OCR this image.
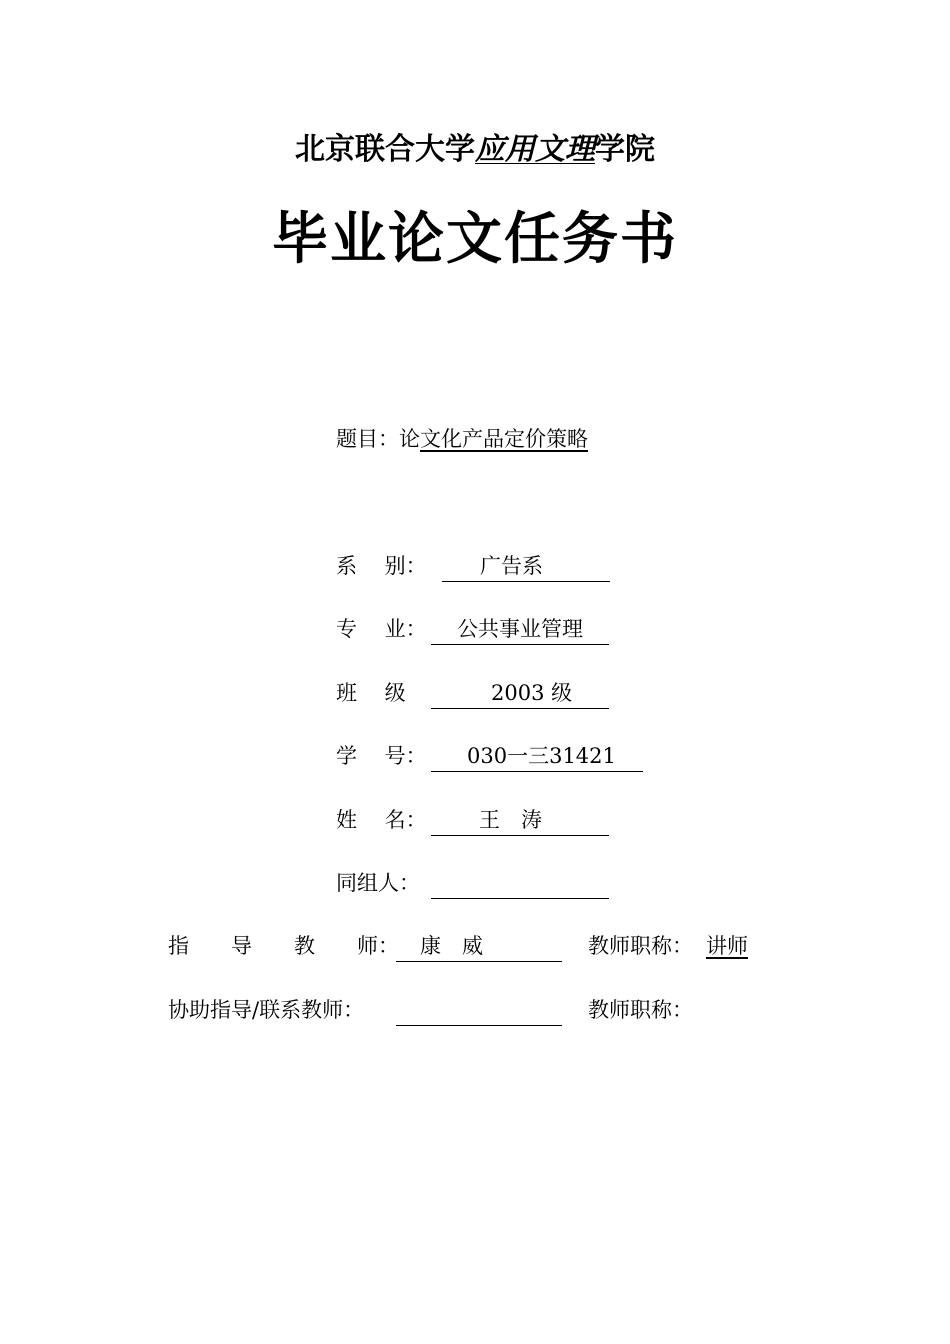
北京联合大学应用文理学院
毕业论文任务书
题目：论文化产品定价策略
系　 别：	广告系
专　 业： 公共事业管理
班　 级	2003 级
学　 号： 030一三31421
姓　 名： 王　涛
同组人：
指　　导　　教　　师： 康　威	教师职称： 讲师
协助指导/联系教师：	教师职称：
